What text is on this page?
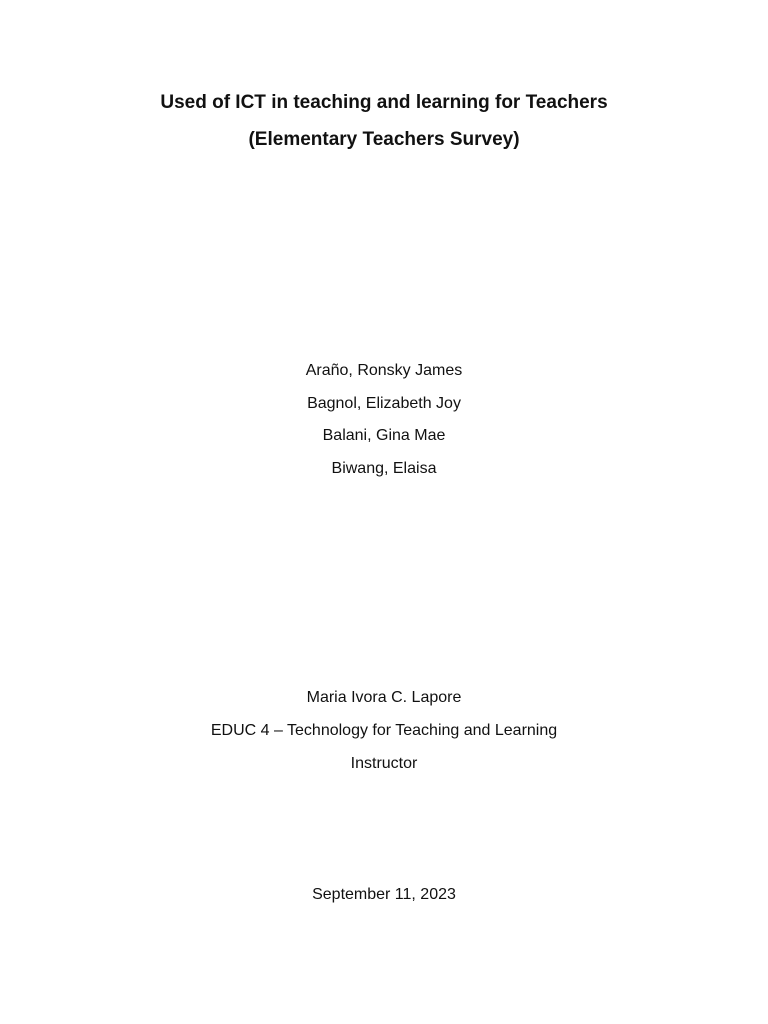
Used of ICT in teaching and learning for Teachers
(Elementary Teachers Survey)
Araño, Ronsky James
Bagnol, Elizabeth Joy
Balani, Gina Mae
Biwang, Elaisa
Maria Ivora C. Lapore
EDUC 4 – Technology for Teaching and Learning
Instructor
September 11, 2023
